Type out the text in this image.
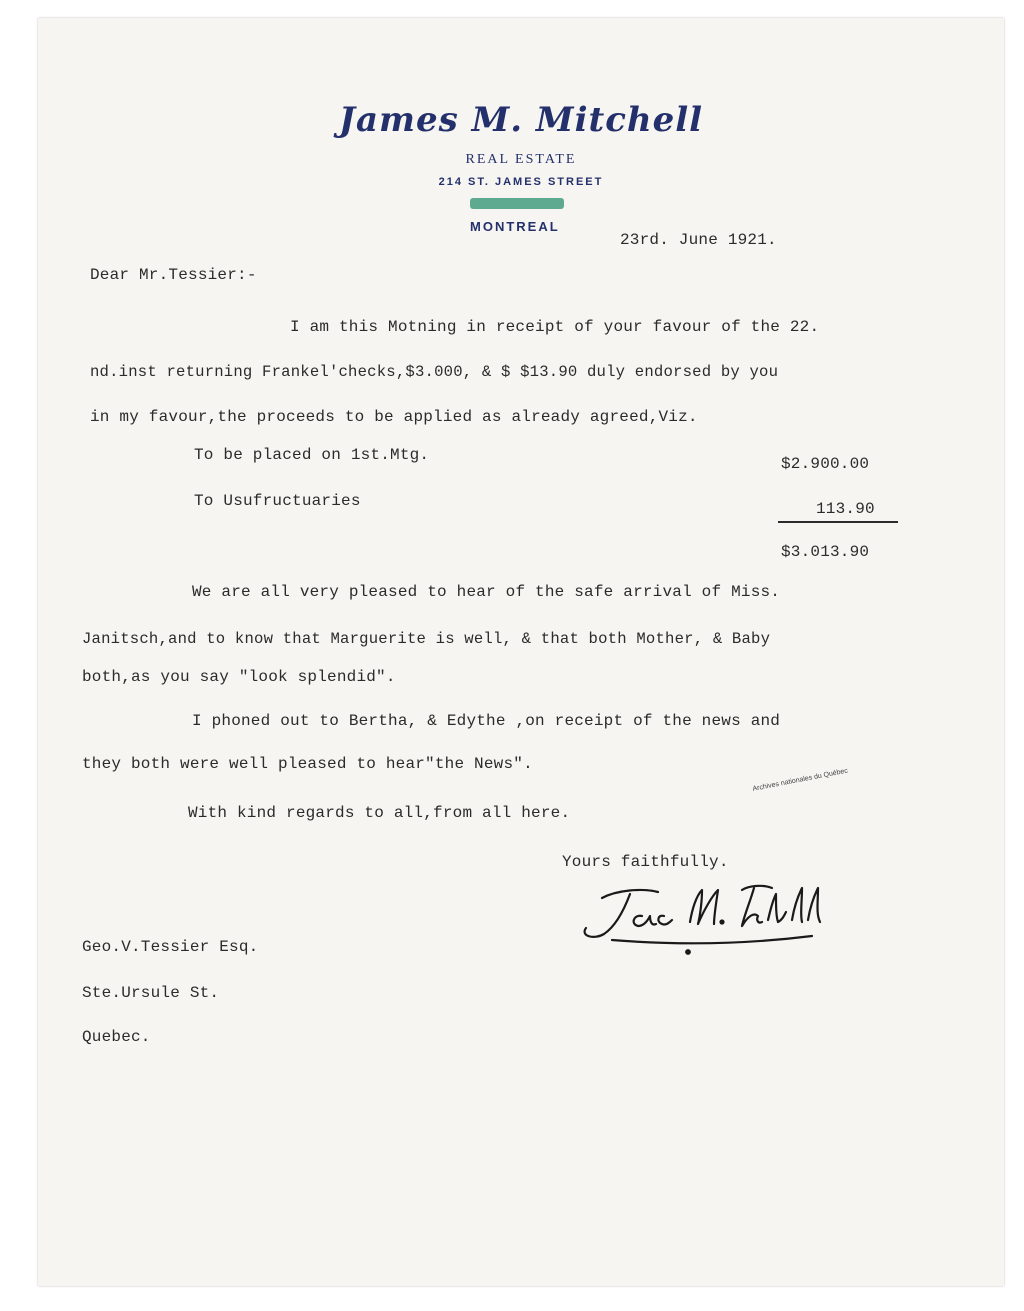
James M. Mitchell
REAL ESTATE
214 ST. JAMES STREET
MONTREAL
23rd. June 1921.
Dear Mr.Tessier:-
I am this Motning in receipt of your favour of the 22.
nd.inst returning Frankel'checks,$3.000, & $ $13.90 duly endorsed by you
in my favour,the proceeds to be applied as already agreed,Viz.
To be placed on 1st.Mtg.	$2.900.00
To Usufructuaries	113.90
$3.013.90
We are all very pleased to hear of the safe arrival of Miss.
Janitsch,and to know that Marguerite is well, & that both Mother, & Baby
both,as you say "look splendid".
I phoned out to Bertha, & Edythe ,on receipt of the news and
they both were well pleased to hear"the News".
With kind regards to all,from all here.
Archives nationales du Québec
Yours faithfully.
Geo.V.Tessier Esq.
Ste.Ursule St.
Quebec.
